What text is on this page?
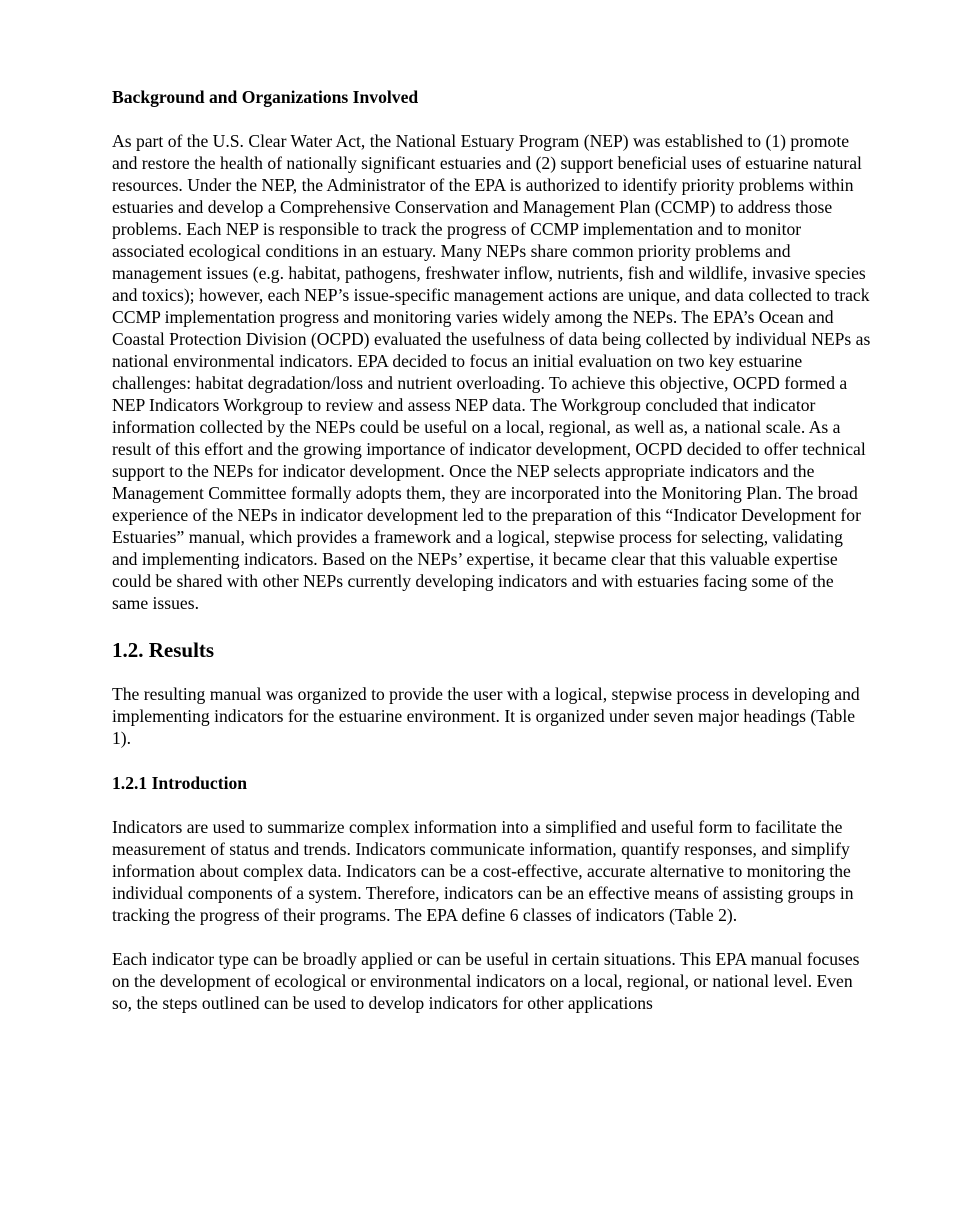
Background and Organizations Involved

As part of the U.S. Clear Water Act, the National Estuary Program (NEP) was established to (1) promote and restore the health of nationally significant estuaries and (2) support beneficial uses of estuarine natural resources. Under the NEP, the Administrator of the EPA is authorized to identify priority problems within estuaries and develop a Comprehensive Conservation and Management Plan (CCMP) to address those problems. Each NEP is responsible to track the progress of CCMP implementation and to monitor associated ecological conditions in an estuary. Many NEPs share common priority problems and management issues (e.g. habitat, pathogens, freshwater inflow, nutrients, fish and wildlife, invasive species and toxics); however, each NEP’s issue-specific management actions are unique, and data collected to track CCMP implementation progress and monitoring varies widely among the NEPs. The EPA’s Ocean and Coastal Protection Division (OCPD) evaluated the usefulness of data being collected by individual NEPs as national environmental indicators. EPA decided to focus an initial evaluation on two key estuarine challenges: habitat degradation/loss and nutrient overloading. To achieve this objective, OCPD formed a NEP Indicators Workgroup to review and assess NEP data. The Workgroup concluded that indicator information collected by the NEPs could be useful on a local, regional, as well as, a national scale. As a result of this effort and the growing importance of indicator development, OCPD decided to offer technical support to the NEPs for indicator development. Once the NEP selects appropriate indicators and the Management Committee formally adopts them, they are incorporated into the Monitoring Plan. The broad experience of the NEPs in indicator development led to the preparation of this “Indicator Development for Estuaries” manual, which provides a framework and a logical, stepwise process for selecting, validating and implementing indicators. Based on the NEPs’ expertise, it became clear that this valuable expertise could be shared with other NEPs currently developing indicators and with estuaries facing some of the same issues.

1.2. Results

The resulting manual was organized to provide the user with a logical, stepwise process in developing and implementing indicators for the estuarine environment. It is organized under seven major headings (Table 1).

1.2.1 Introduction

Indicators are used to summarize complex information into a simplified and useful form to facilitate the measurement of status and trends. Indicators communicate information, quantify responses, and simplify information about complex data. Indicators can be a cost-effective, accurate alternative to monitoring the individual components of a system. Therefore, indicators can be an effective means of assisting groups in tracking the progress of their programs. The EPA define 6 classes of indicators (Table 2).

Each indicator type can be broadly applied or can be useful in certain situations. This EPA manual focuses on the development of ecological or environmental indicators on a local, regional, or national level. Even so, the steps outlined can be used to develop indicators for other applications
